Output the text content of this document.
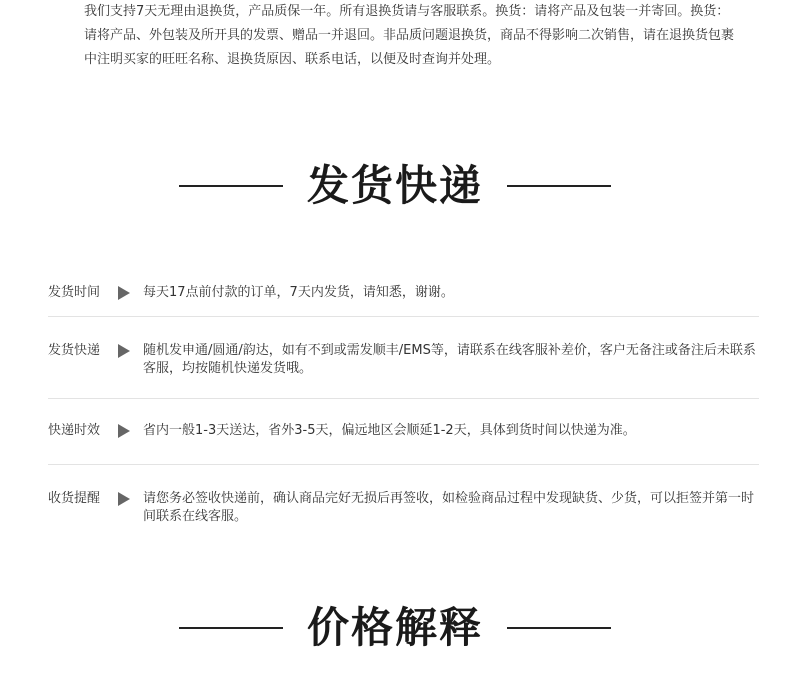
我们支持7天无理由退换货，产品质保一年。所有退换货请与客服联系。换货：请将产品及包装一并寄回。换货：请将产品、外包装及所开具的发票、赠品一并退回。非品质问题退换货，商品不得影响二次销售，请在退换货包裹中注明买家的旺旺名称、退换货原因、联系电话，以便及时查询并处理。
发货快递
发货时间	每天17点前付款的订单，7天内发货，请知悉，谢谢。
发货快递	随机发申通/圆通/韵达，如有不到或需发顺丰/EMS等，请联系在线客服补差价，客户无备注或备注后未联系客服，均按随机快递发货哦。
快递时效	省内一般1-3天送达，省外3-5天，偏远地区会顺延1-2天，具体到货时间以快递为准。
收货提醒	请您务必签收快递前，确认商品完好无损后再签收，如检验商品过程中发现缺货、少货，可以拒签并第一时间联系在线客服。
价格解释
